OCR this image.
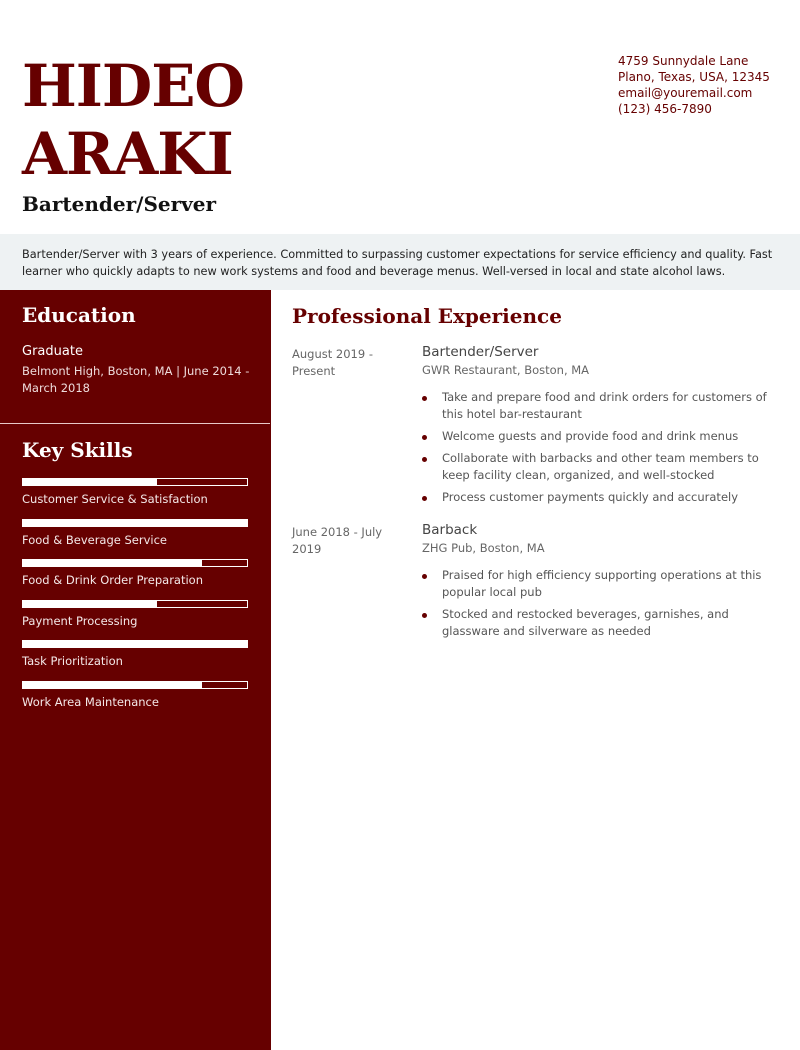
HIDEO
ARAKI
Bartender/Server
4759 Sunnydale Lane
Plano, Texas, USA, 12345
email@youremail.com
(123) 456-7890
Bartender/Server with 3 years of experience. Committed to surpassing customer expectations for service efficiency and quality. Fast learner who quickly adapts to new work systems and food and beverage menus. Well-versed in local and state alcohol laws.
Education
Graduate
Belmont High, Boston, MA | June 2014 - March 2018
Key Skills
Customer Service & Satisfaction
Food & Beverage Service
Food & Drink Order Preparation
Payment Processing
Task Prioritization
Work Area Maintenance
Professional Experience
August 2019 - Present
Bartender/Server
GWR Restaurant, Boston, MA
Take and prepare food and drink orders for customers of this hotel bar-restaurant
Welcome guests and provide food and drink menus
Collaborate with barbacks and other team members to keep facility clean, organized, and well-stocked
Process customer payments quickly and accurately
June 2018 - July 2019
Barback
ZHG Pub, Boston, MA
Praised for high efficiency supporting operations at this popular local pub
Stocked and restocked beverages, garnishes, and glassware and silverware as needed
